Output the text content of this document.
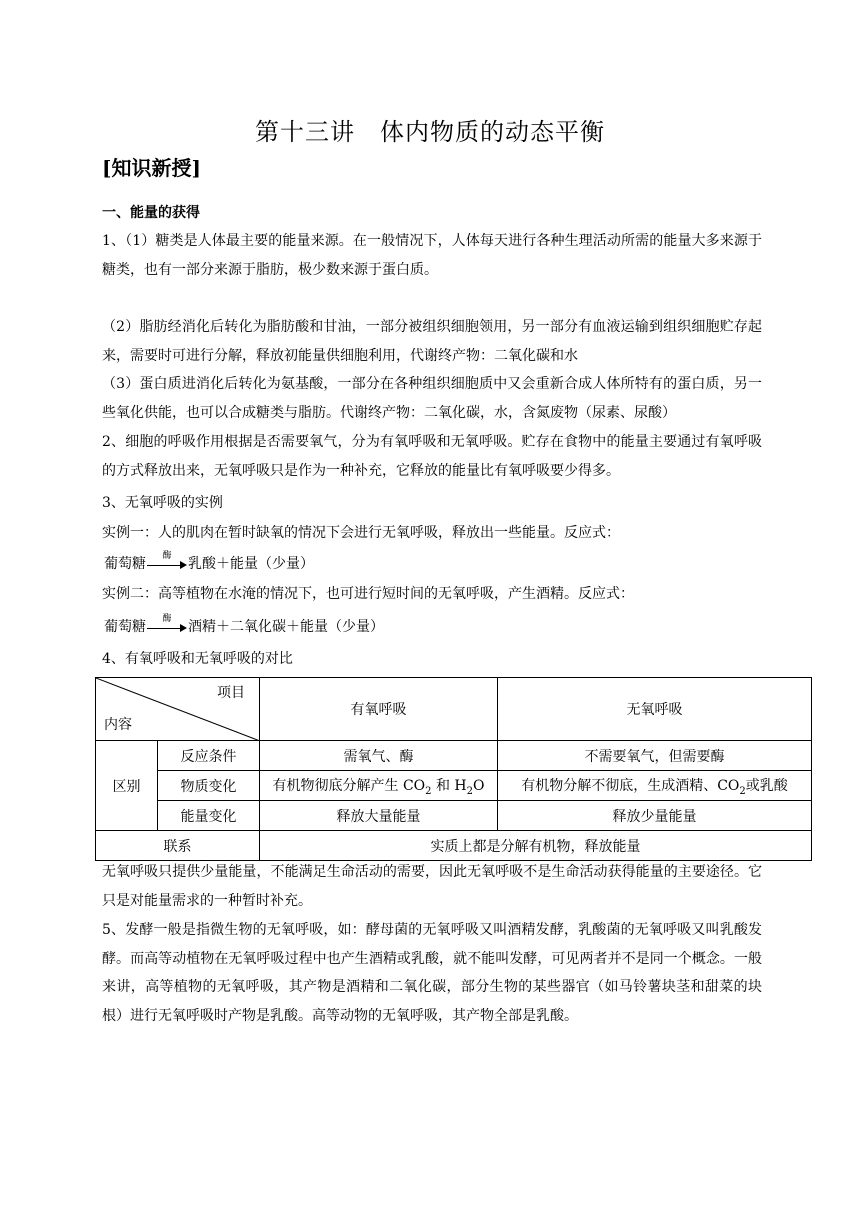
第十三讲　体内物质的动态平衡
[知识新授]
一、能量的获得

1、（1）糖类是人体最主要的能量来源。在一般情况下，人体每天进行各种生理活动所需的能量大多来源于糖类，也有一部分来源于脂肪，极少数来源于蛋白质。

（2）脂肪经消化后转化为脂肪酸和甘油，一部分被组织细胞领用，另一部分有血液运输到组织细胞贮存起来，需要时可进行分解，释放初能量供细胞利用，代谢终产物：二氧化碳和水

（3）蛋白质进消化后转化为氨基酸，一部分在各种组织细胞质中又会重新合成人体所特有的蛋白质，另一些氧化供能，也可以合成糖类与脂肪。代谢终产物：二氧化碳，水，含氮废物（尿素、尿酸）

2、细胞的呼吸作用根据是否需要氧气，分为有氧呼吸和无氧呼吸。贮存在食物中的能量主要通过有氧呼吸的方式释放出来，无氧呼吸只是作为一种补充，它释放的能量比有氧呼吸要少得多。

3、无氧呼吸的实例

实例一：人的肌肉在暂时缺氧的情况下会进行无氧呼吸，释放出一些能量。反应式：

葡萄糖	酶	乳酸＋能量（少量）

实例二：高等植物在水淹的情况下，也可进行短时间的无氧呼吸，产生酒精。反应式：

葡萄糖	酶	酒精＋二氧化碳＋能量（少量）

4、有氧呼吸和无氧呼吸的对比

项目
内容		有氧呼吸	无氧呼吸
区别	反应条件	需氧气、酶	不需要氧气，但需要酶
	物质变化	有机物彻底分解产生 $CO_2$ 和 $H_2O$	有机物分解不彻底，生成酒精、$CO_2$或乳酸
	能量变化	释放大量能量	释放少量能量
联系		实质上都是分解有机物，释放能量	

无氧呼吸只提供少量能量，不能满足生命活动的需要，因此无氧呼吸不是生命活动获得能量的主要途径。它只是对能量需求的一种暂时补充。

5、发酵一般是指微生物的无氧呼吸，如：酵母菌的无氧呼吸又叫酒精发酵，乳酸菌的无氧呼吸又叫乳酸发酵。而高等动植物在无氧呼吸过程中也产生酒精或乳酸，就不能叫发酵，可见两者并不是同一个概念。一般来讲，高等植物的无氧呼吸，其产物是酒精和二氧化碳，部分生物的某些器官（如马铃薯块茎和甜菜的块根）进行无氧呼吸时产物是乳酸。高等动物的无氧呼吸，其产物全部是乳酸。
